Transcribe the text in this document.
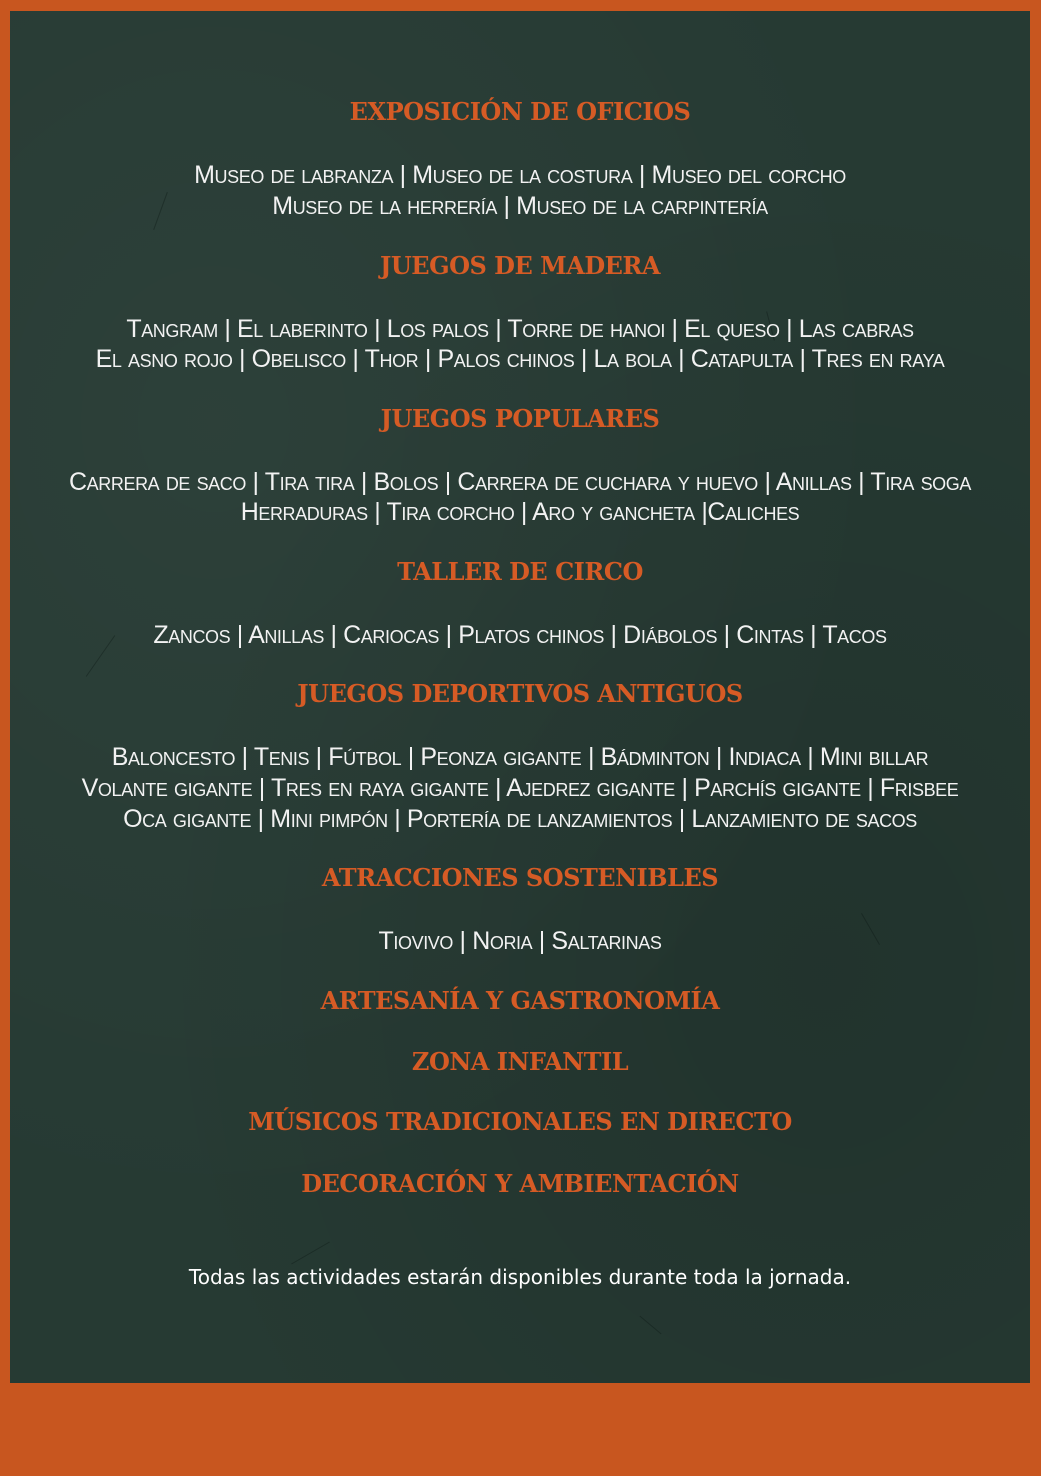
EXPOSICIÓN DE OFICIOS
Museo de labranza | Museo de la costura | Museo del corcho
Museo de la herrería | Museo de la carpintería
JUEGOS DE MADERA
Tangram | El laberinto | Los palos | Torre de hanoi | El queso | Las cabras
El asno rojo | Obelisco | Thor | Palos chinos | La bola | Catapulta | Tres en raya
JUEGOS POPULARES
Carrera de saco | Tira tira | Bolos | Carrera de cuchara y huevo | Anillas | Tira soga
Herraduras | Tira corcho | Aro y gancheta |Caliches
TALLER DE CIRCO
Zancos | Anillas | Cariocas | Platos chinos | Diábolos | Cintas | Tacos
JUEGOS DEPORTIVOS ANTIGUOS
Baloncesto | Tenis | Fútbol | Peonza gigante | Bádminton | Indiaca | Mini billar
Volante gigante | Tres en raya gigante | Ajedrez gigante | Parchís gigante | Frisbee
Oca gigante | Mini pimpón | Portería de lanzamientos | Lanzamiento de sacos
ATRACCIONES SOSTENIBLES
Tiovivo | Noria | Saltarinas
ARTESANÍA Y GASTRONOMÍA
ZONA INFANTIL
MÚSICOS TRADICIONALES EN DIRECTO
DECORACIÓN Y AMBIENTACIÓN
Todas las actividades estarán disponibles durante toda la jornada.
